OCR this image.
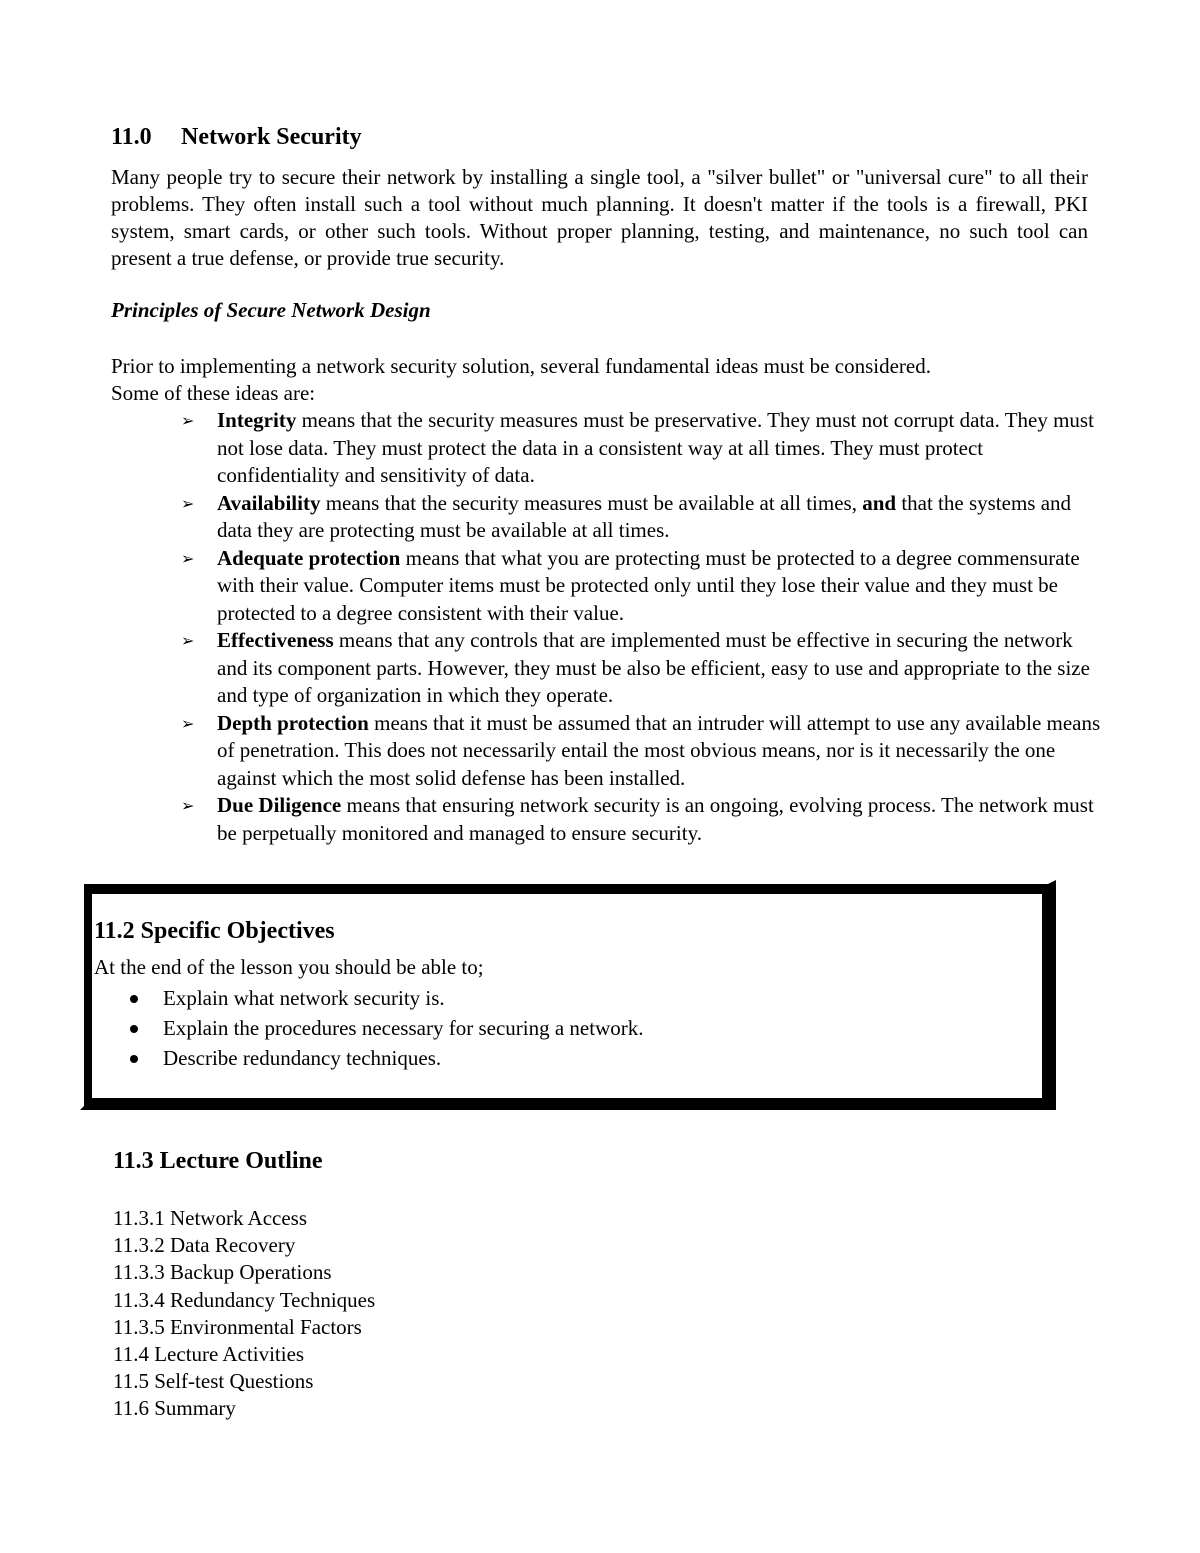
11.0 Network Security
Many people try to secure their network by installing a single tool, a "silver bullet" or "universal cure" to all their problems. They often install such a tool without much planning. It doesn't matter if the tools is a firewall, PKI system, smart cards, or other such tools. Without proper planning, testing, and maintenance, no such tool can present a true defense, or provide true security.
Principles of Secure Network Design
Prior to implementing a network security solution, several fundamental ideas must be considered.
Some of these ideas are:
➢ Integrity means that the security measures must be preservative. They must not corrupt data. They must not lose data. They must protect the data in a consistent way at all times. They must protect confidentiality and sensitivity of data.
➢ Availability means that the security measures must be available at all times, and that the systems and data they are protecting must be available at all times.
➢ Adequate protection means that what you are protecting must be protected to a degree commensurate with their value. Computer items must be protected only until they lose their value and they must be protected to a degree consistent with their value.
➢ Effectiveness means that any controls that are implemented must be effective in securing the network and its component parts. However, they must be also be efficient, easy to use and appropriate to the size and type of organization in which they operate.
➢ Depth protection means that it must be assumed that an intruder will attempt to use any available means of penetration. This does not necessarily entail the most obvious means, nor is it necessarily the one against which the most solid defense has been installed.
➢ Due Diligence means that ensuring network security is an ongoing, evolving process. The network must be perpetually monitored and managed to ensure security.
11.2 Specific Objectives
At the end of the lesson you should be able to;
Explain what network security is.
Explain the procedures necessary for securing a network.
Describe redundancy techniques.
11.3 Lecture Outline
11.3.1 Network Access
11.3.2 Data Recovery
11.3.3 Backup Operations
11.3.4 Redundancy Techniques
11.3.5 Environmental Factors
11.4 Lecture Activities
11.5 Self-test Questions
11.6 Summary
